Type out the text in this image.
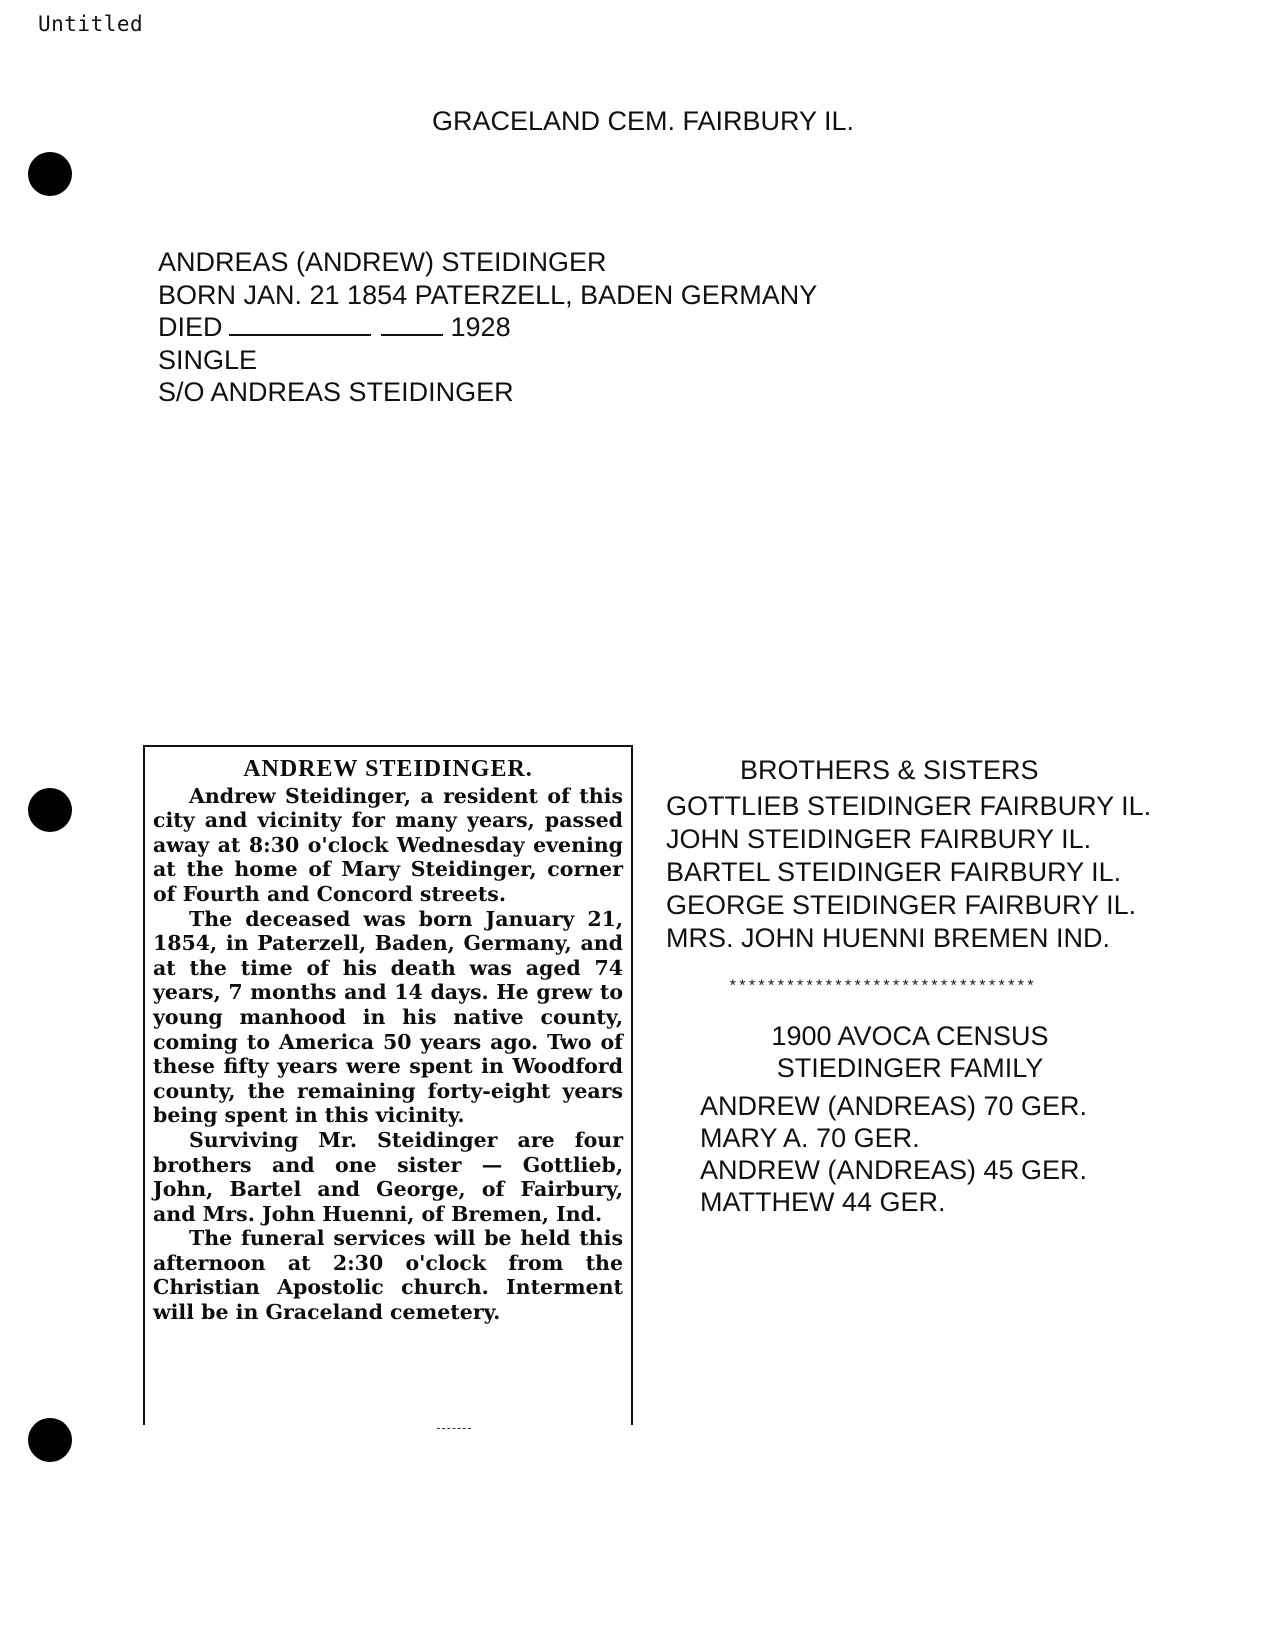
Untitled
GRACELAND CEM. FAIRBURY IL.
ANDREAS (ANDREW) STEIDINGER
BORN JAN. 21 1854 PATERZELL, BADEN GERMANY
DIED	1928
SINGLE
S/O ANDREAS STEIDINGER
ANDREW STEIDINGER.

Andrew Steidinger, a resident of this city and vicinity for many years, passed away at 8:30 o'clock Wednesday evening at the home of Mary Steidinger, corner of Fourth and Concord streets.

The deceased was born January 21, 1854, in Paterzell, Baden, Germany, and at the time of his death was aged 74 years, 7 months and 14 days. He grew to young manhood in his native county, coming to America 50 years ago. Two of these fifty years were spent in Woodford county, the remaining forty-eight years being spent in this vicinity.

Surviving Mr. Steidinger are four brothers and one sister — Gottlieb, John, Bartel and George, of Fairbury, and Mrs. John Huenni, of Bremen, Ind.

The funeral services will be held this afternoon at 2:30 o'clock from the Christian Apostolic church. Interment will be in Graceland cemetery.

BROTHERS & SISTERS
GOTTLIEB STEIDINGER FAIRBURY IL.
JOHN STEIDINGER FAIRBURY IL.
BARTEL STEIDINGER FAIRBURY IL.
GEORGE STEIDINGER FAIRBURY IL.
MRS. JOHN HUENNI BREMEN IND.
********************************
1900 AVOCA CENSUS
STIEDINGER FAMILY
ANDREW (ANDREAS) 70 GER.
MARY A. 70 GER.
ANDREW (ANDREAS) 45 GER.
MATTHEW 44 GER.
